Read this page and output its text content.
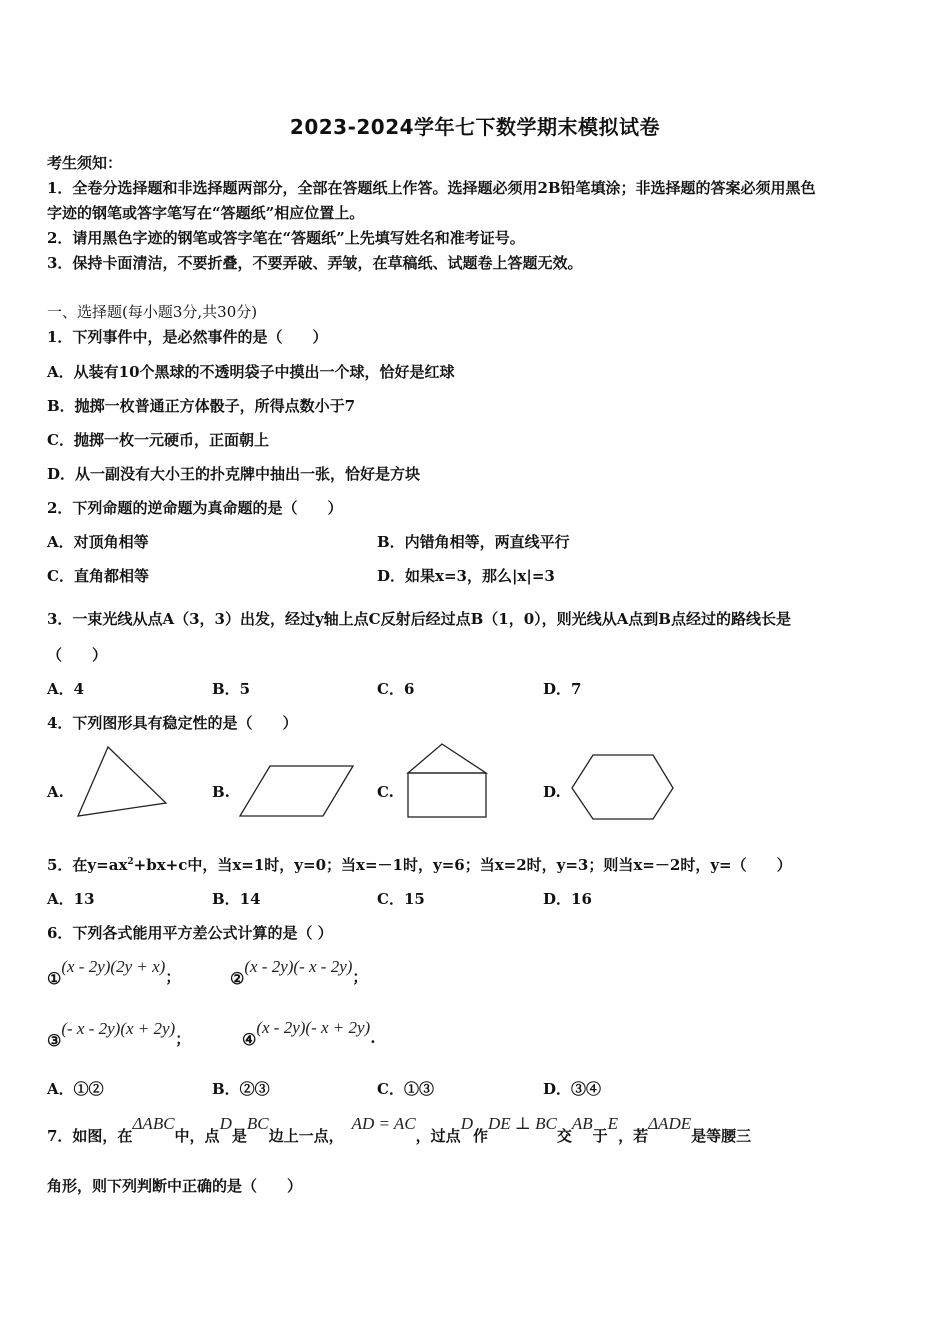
2023-2024学年七下数学期末模拟试卷
考生须知：
1．全卷分选择题和非选择题两部分，全部在答题纸上作答。选择题必须用2B铅笔填涂；非选择题的答案必须用黑色
字迹的钢笔或答字笔写在“答题纸”相应位置上。
2．请用黑色字迹的钢笔或答字笔在“答题纸”上先填写姓名和准考证号。
3．保持卡面清洁，不要折叠，不要弄破、弄皱，在草稿纸、试题卷上答题无效。
一、选择题(每小题3分,共30分)
1．下列事件中，是必然事件的是（　　）
A．从装有10个黑球的不透明袋子中摸出一个球，恰好是红球
B．抛掷一枚普通正方体骰子，所得点数小于7
C．抛掷一枚一元硬币，正面朝上
D．从一副没有大小王的扑克牌中抽出一张，恰好是方块
2．下列命题的逆命题为真命题的是（　　）
A．对顶角相等	B．内错角相等，两直线平行
C．直角都相等	D．如果x=3，那么|x|=3
3．一束光线从点A（3，3）出发，经过y轴上点C反射后经过点B（1，0），则光线从A点到B点经过的路线长是
（　　）
A．4	B．5	C．6	D．7
4．下列图形具有稳定性的是（　　）
A.	B.	C.	D.
5．在$y=ax^2+bx+c$中，当x=1时，y=0；当x=－1时，y=6；当x=2时，y=3；则当x=－2时，y=（　　）
A．13	B．14	C．15	D．16
6．下列各式能用平方差公式计算的是（ ）
①(x - 2y)(2y + x)；	②(x - 2y)(- x - 2y)；
③(- x - 2y)(x + 2y)；	④(x - 2y)(- x + 2y).
A．①②	B．②③	C．①③	D．③④
7．如图，在ΔABC中，点D是BC边上一点，AD = AC，过点D作DE ⊥ BC交AB于E，若ΔADE是等腰三
角形，则下列判断中正确的是（　　）
